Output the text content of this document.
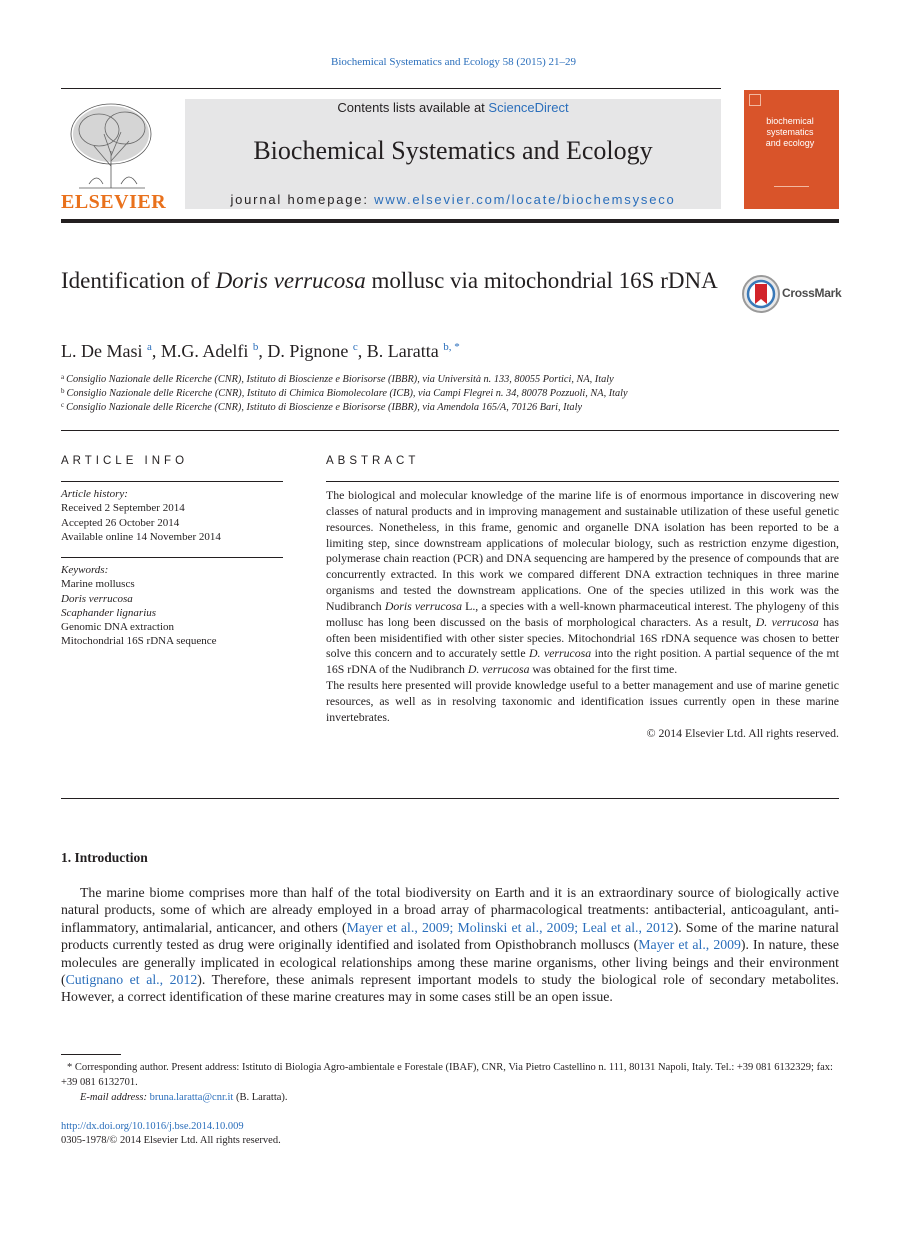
Biochemical Systematics and Ecology 58 (2015) 21–29
ELSEVIER
Contents lists available at ScienceDirect
Biochemical Systematics and Ecology
journal homepage: www.elsevier.com/locate/biochemsyseco
biochemical systematics and ecology
Identification of Doris verrucosa mollusc via mitochondrial 16S rDNA	CrossMark
L. De Masi $^a$, M.G. Adelfi $^b$, D. Pignone $^c$, B. Laratta $^{b, *}$
$^a$ Consiglio Nazionale delle Ricerche (CNR), Istituto di Bioscienze e Biorisorse (IBBR), via Università n. 133, 80055 Portici, NA, Italy
$^b$ Consiglio Nazionale delle Ricerche (CNR), Istituto di Chimica Biomolecolare (ICB), via Campi Flegrei n. 34, 80078 Pozzuoli, NA, Italy
$^c$ Consiglio Nazionale delle Ricerche (CNR), Istituto di Bioscienze e Biorisorse (IBBR), via Amendola 165/A, 70126 Bari, Italy
ARTICLE INFO
Article history:
Received 2 September 2014
Accepted 26 October 2014
Available online 14 November 2014
Keywords:
Marine molluscs
Doris verrucosa
Scaphander lignarius
Genomic DNA extraction
Mitochondrial 16S rDNA sequence
ABSTRACT

The biological and molecular knowledge of the marine life is of enormous importance in discovering new classes of natural products and in improving management and sustainable utilization of these useful genetic resources. Nonetheless, in this frame, genomic and organelle DNA isolation has been reported to be a limiting step, since downstream applications of molecular biology, such as restriction enzyme digestion, polymerase chain reaction (PCR) and DNA sequencing are hampered by the presence of compounds that are concurrently extracted. In this work we compared different DNA extraction techniques in three marine organisms and tested the downstream applications. One of the species utilized in this work was the Nudibranch Doris verrucosa L., a species with a well-known pharmaceutical interest. The phylogeny of this mollusc has long been discussed on the basis of morphological characters. As a result, D. verrucosa has often been misidentified with other sister species. Mitochondrial 16S rDNA sequence was chosen to better solve this concern and to accurately settle D. verrucosa into the right position. A partial sequence of the mt 16S rDNA of the Nudibranch D. verrucosa was obtained for the first time.

The results here presented will provide knowledge useful to a better management and use of marine genetic resources, as well as in resolving taxonomic and identification issues currently open in these marine invertebrates.

© 2014 Elsevier Ltd. All rights reserved.

1. Introduction

The marine biome comprises more than half of the total biodiversity on Earth and it is an extraordinary source of biologically active natural products, some of which are already employed in a broad array of pharmacological treatments: antibacterial, anticoagulant, anti-inflammatory, antimalarial, anticancer, and others (Mayer et al., 2009; Molinski et al., 2009; Leal et al., 2012). Some of the marine natural products currently tested as drug were originally identified and isolated from Opisthobranch molluscs (Mayer et al., 2009). In nature, these molecules are generally implicated in ecological relationships among these marine organisms, other living beings and their environment (Cutignano et al., 2012). Therefore, these animals represent important models to study the biological role of secondary metabolites. However, a correct identification of these marine creatures may in some cases still be an open issue.

* Corresponding author. Present address: Istituto di Biologia Agro-ambientale e Forestale (IBAF), CNR, Via Pietro Castellino n. 111, 80131 Napoli, Italy. Tel.: +39 081 6132329; fax: +39 081 6132701.
E-mail address: bruna.laratta@cnr.it (B. Laratta).
http://dx.doi.org/10.1016/j.bse.2014.10.009
0305-1978/© 2014 Elsevier Ltd. All rights reserved.
